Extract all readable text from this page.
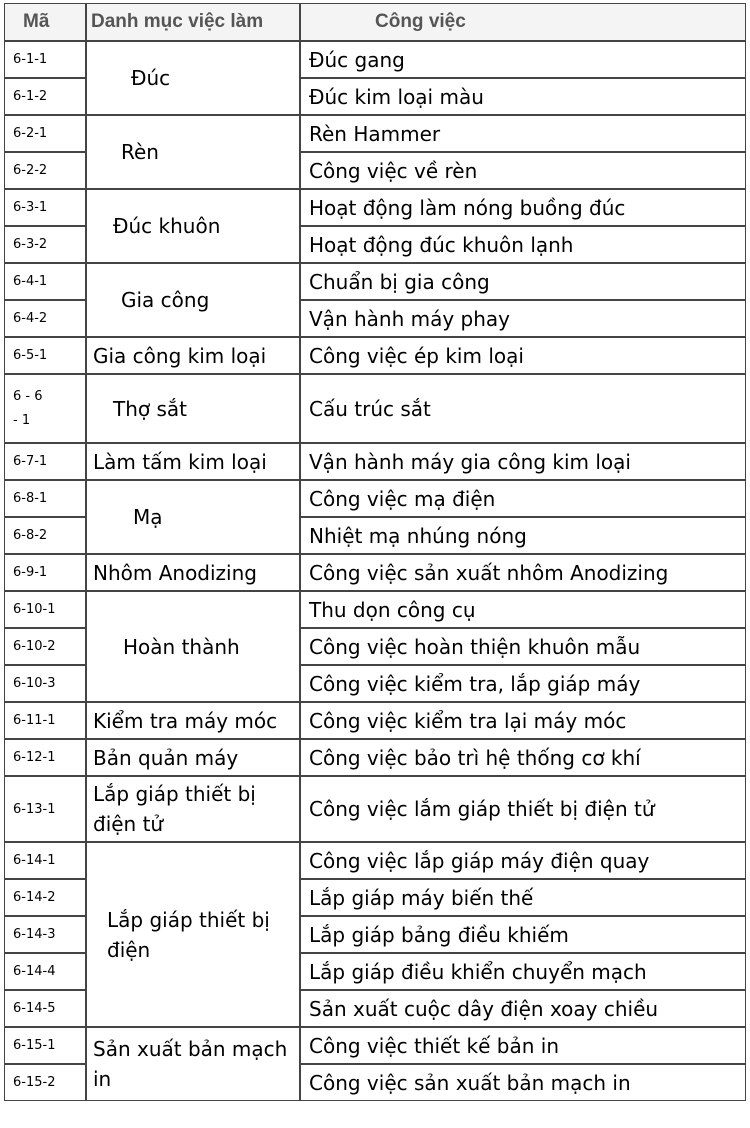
Mã	Danh mục việc làm	Công việc
6-1-1	Đúc	Đúc gang
6-1-2		Đúc kim loại màu
6-2-1	Rèn	Rèn Hammer
6-2-2		Công việc về rèn
6-3-1	Đúc khuôn	Hoạt động làm nóng buồng đúc
6-3-2		Hoạt động đúc khuôn lạnh
6-4-1	Gia công	Chuẩn bị gia công
6-4-2		Vận hành máy phay
6-5-1	Gia công kim loại	Công việc ép kim loại
6 - 6 - 1	Thợ sắt	Cấu trúc sắt
6-7-1	Làm tấm kim loại	Vận hành máy gia công kim loại
6-8-1	Mạ	Công việc mạ điện
6-8-2		Nhiệt mạ nhúng nóng
6-9-1	Nhôm Anodizing	Công việc sản xuất nhôm Anodizing
6-10-1	Hoàn thành	Thu dọn công cụ
6-10-2		Công việc hoàn thiện khuôn mẫu
6-10-3		Công việc kiểm tra, lắp giáp máy
6-11-1	Kiểm tra máy móc	Công việc kiểm tra lại máy móc
6-12-1	Bản quản máy	Công việc bảo trì hệ thống cơ khí
6-13-1	Lắp giáp thiết bị điện tử	Công việc lắm giáp thiết bị điện tử
6-14-1	Lắp giáp thiết bị điện	Công việc lắp giáp máy điện quay
6-14-2		Lắp giáp máy biến thế
6-14-3		Lắp giáp bảng điều khiếm
6-14-4		Lắp giáp điều khiển chuyển mạch
6-14-5		Sản xuất cuộc dây điện xoay chiều
6-15-1	Sản xuất bản mạch in	Công việc thiết kế bản in
6-15-2		Công việc sản xuất bản mạch in
